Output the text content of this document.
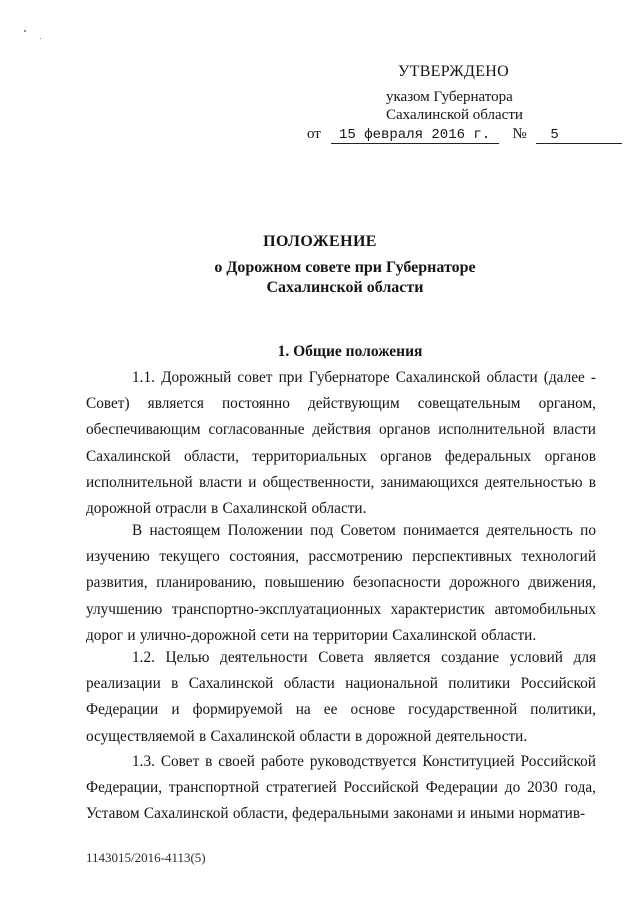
УТВЕРЖДЕНО
указом Губернатора
Сахалинской области
от 15 февраля 2016 г. № 5
ПОЛОЖЕНИЕ
о Дорожном совете при Губернаторе
Сахалинской области
1. Общие положения
1.1. Дорожный совет при Губернаторе Сахалинской области (далее - Совет) является постоянно действующим совещательным органом, обеспечивающим согласованные действия органов исполнительной власти Сахалинской области, территориальных органов федеральных органов исполнительной власти и общественности, занимающихся деятельностью в дорожной отрасли в Сахалинской области.
В настоящем Положении под Советом понимается деятельность по изучению текущего состояния, рассмотрению перспективных технологий развития, планированию, повышению безопасности дорожного движения, улучшению транспортно-эксплуатационных характеристик автомобильных дорог и улично-дорожной сети на территории Сахалинской области.
1.2. Целью деятельности Совета является создание условий для реализации в Сахалинской области национальной политики Российской Федерации и формируемой на ее основе государственной политики, осуществляемой в Сахалинской области в дорожной деятельности.
1.3. Совет в своей работе руководствуется Конституцией Российской Федерации, транспортной стратегией Российской Федерации до 2030 года, Уставом Сахалинской области, федеральными законами и иными норматив-
1143015/2016-4113(5)
